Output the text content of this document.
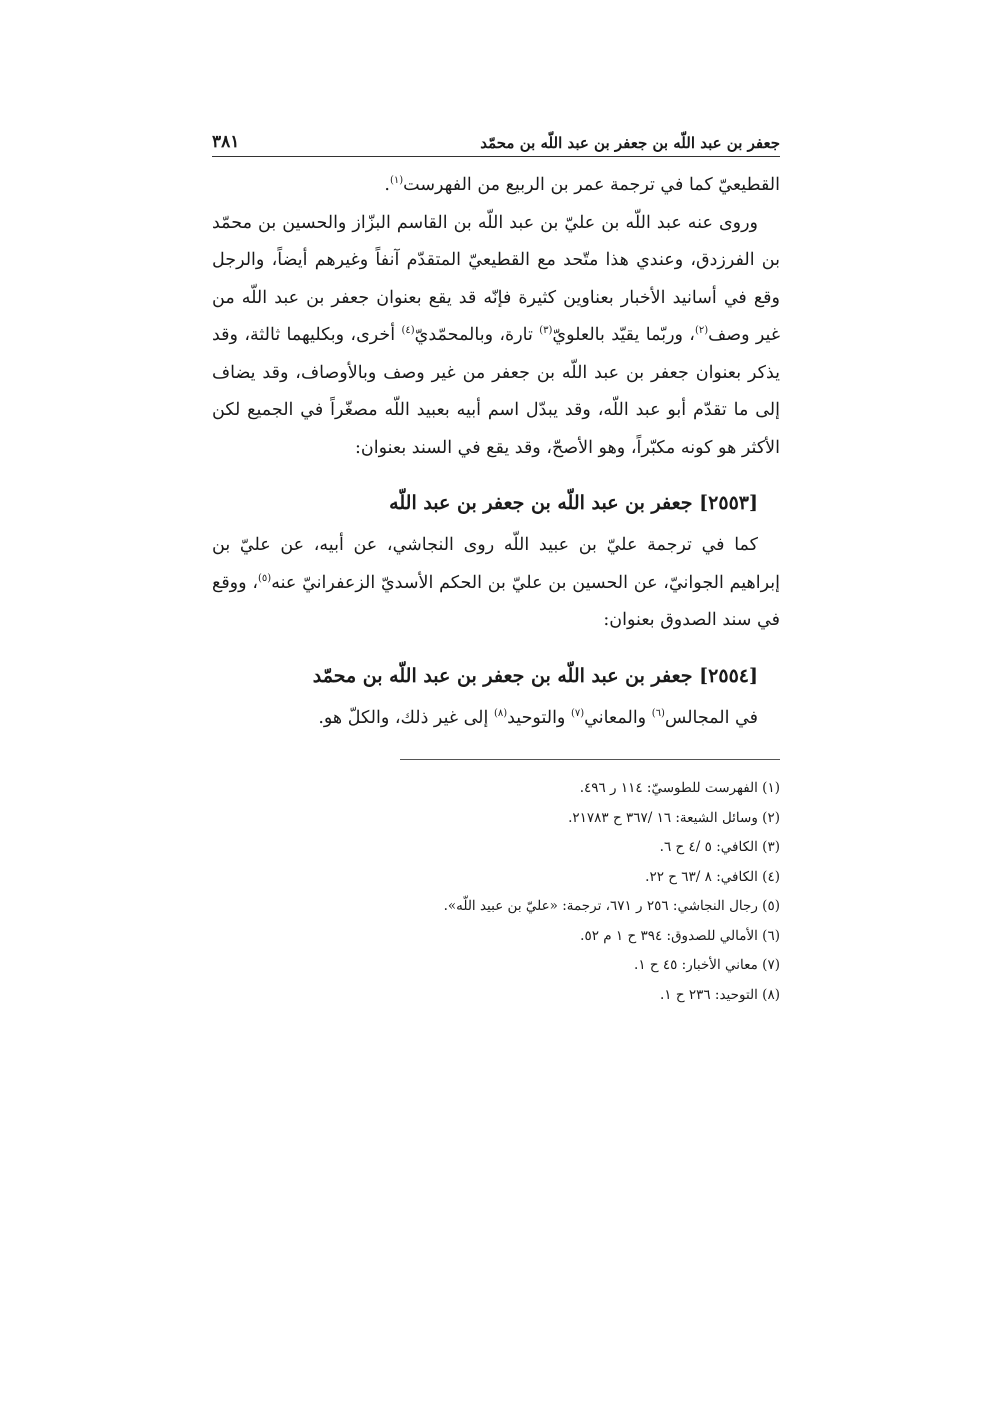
جعفر بن عبد اللّه بن جعفر بن عبد اللّه بن محمّد
٣٨١

القطيعيّ كما في ترجمة عمر بن الربيع من الفهرست$^{(١)}$.

وروى عنه عبد اللّه بن عليّ بن عبد اللّه بن القاسم البزّاز والحسين بن محمّد بن الفرزدق، وعندي هذا متّحد مع القطيعيّ المتقدّم آنفاً وغيرهم أيضاً، والرجل وقع في أسانيد الأخبار بعناوين كثيرة فإنّه قد يقع بعنوان جعفر بن عبد اللّه من غير وصف$^{(٢)}$، وربّما يقيّد بالعلويّ$^{(٣)}$ تارة، وبالمحمّديّ$^{(٤)}$ أخرى، وبكليهما ثالثة، وقد يذكر بعنوان جعفر بن عبد اللّه بن جعفر من غير وصف وبالأوصاف، وقد يضاف إلى ما تقدّم أبو عبد اللّه، وقد يبدّل اسم أبيه بعبيد اللّه مصغّراً في الجميع لكن الأكثر هو كونه مكبّراً، وهو الأصحّ، وقد يقع في السند بعنوان:

[٢٥٥٣] جعفر بن عبد اللّه بن جعفر بن عبد اللّه

كما في ترجمة عليّ بن عبيد اللّه روى النجاشي، عن أبيه، عن عليّ بن إبراهيم الجوانيّ، عن الحسين بن عليّ بن الحكم الأسديّ الزعفرانيّ عنه$^{(٥)}$، ووقع في سند الصدوق بعنوان:

[٢٥٥٤] جعفر بن عبد اللّه بن جعفر بن عبد اللّه بن محمّد

في المجالس$^{(٦)}$ والمعاني$^{(٧)}$ والتوحيد$^{(٨)}$ إلى غير ذلك، والكلّ هو.

(١) الفهرست للطوسيّ: ١١٤ ر ٤٩٦.
(٢) وسائل الشيعة: ١٦ /٣٦٧ ح ٢١٧٨٣.
(٣) الكافي: ٥ /٤ ح ٦.
(٤) الكافي: ٨ /٦٣ ح ٢٢.
(٥) رجال النجاشي: ٢٥٦ ر ٦٧١، ترجمة: «عليّ بن عبيد اللّه».
(٦) الأمالي للصدوق: ٣٩٤ ح ١ م ٥٢.
(٧) معاني الأخبار: ٤٥ ح ١.
(٨) التوحيد: ٢٣٦ ح ١.
